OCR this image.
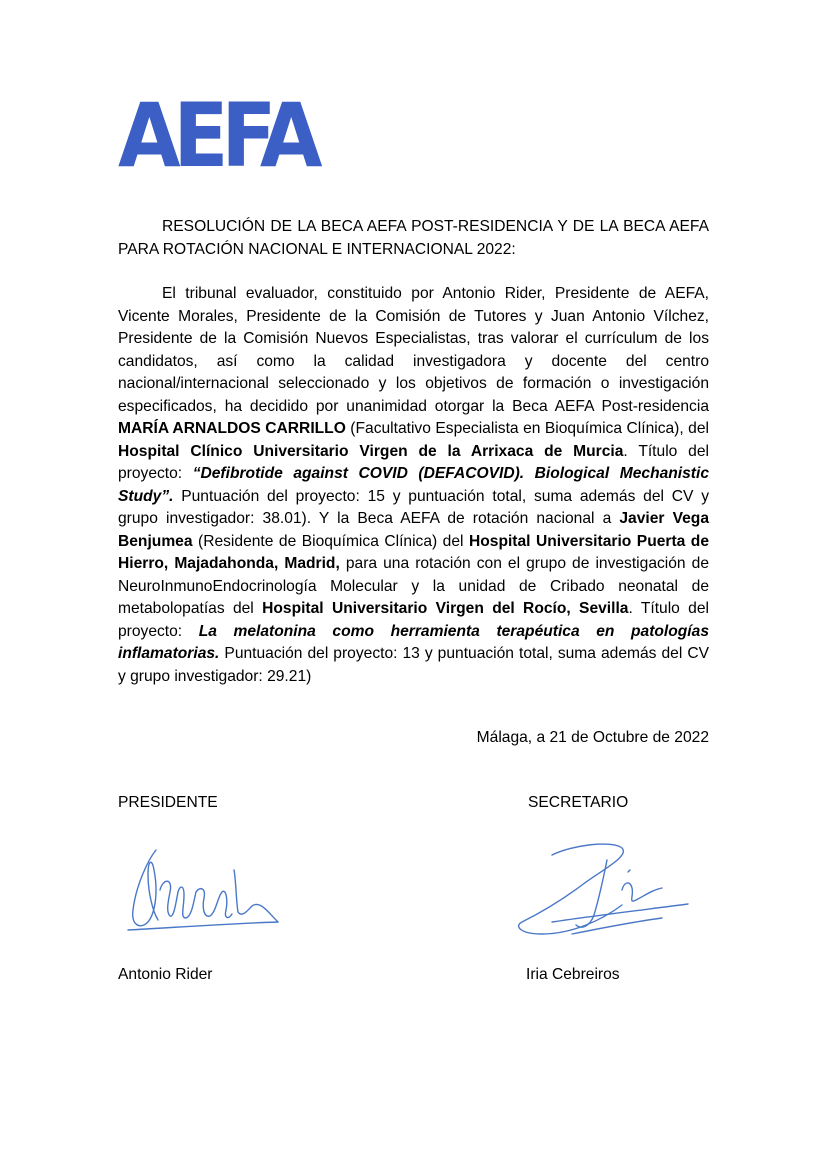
AEFA

RESOLUCIÓN DE LA BECA AEFA POST-RESIDENCIA Y DE LA BECA AEFA PARA ROTACIÓN NACIONAL E INTERNACIONAL 2022:

El tribunal evaluador, constituido por Antonio Rider, Presidente de AEFA, Vicente Morales, Presidente de la Comisión de Tutores y Juan Antonio Vílchez, Presidente de la Comisión Nuevos Especialistas, tras valorar el currículum de los candidatos, así como la calidad investigadora y docente del centro nacional/internacional seleccionado y los objetivos de formación o investigación especificados, ha decidido por unanimidad otorgar la Beca AEFA Post-residencia MARÍA ARNALDOS CARRILLO (Facultativo Especialista en Bioquímica Clínica), del Hospital Clínico Universitario Virgen de la Arrixaca de Murcia. Título del proyecto: “Defibrotide against COVID (DEFACOVID). Biological Mechanistic Study”. Puntuación del proyecto: 15 y puntuación total, suma además del CV y grupo investigador: 38.01). Y la Beca AEFA de rotación nacional a Javier Vega Benjumea (Residente de Bioquímica Clínica) del Hospital Universitario Puerta de Hierro, Majadahonda, Madrid, para una rotación con el grupo de investigación de NeuroInmunoEndocrinología Molecular y la unidad de Cribado neonatal de metabolopatías del Hospital Universitario Virgen del Rocío, Sevilla. Título del proyecto: La melatonina como herramienta terapéutica en patologías inflamatorias. Puntuación del proyecto: 13 y puntuación total, suma además del CV y grupo investigador: 29.21)

Málaga, a 21 de Octubre de 2022
PRESIDENTE	SECRETARIO
Antonio Rider	Iria Cebreiros
